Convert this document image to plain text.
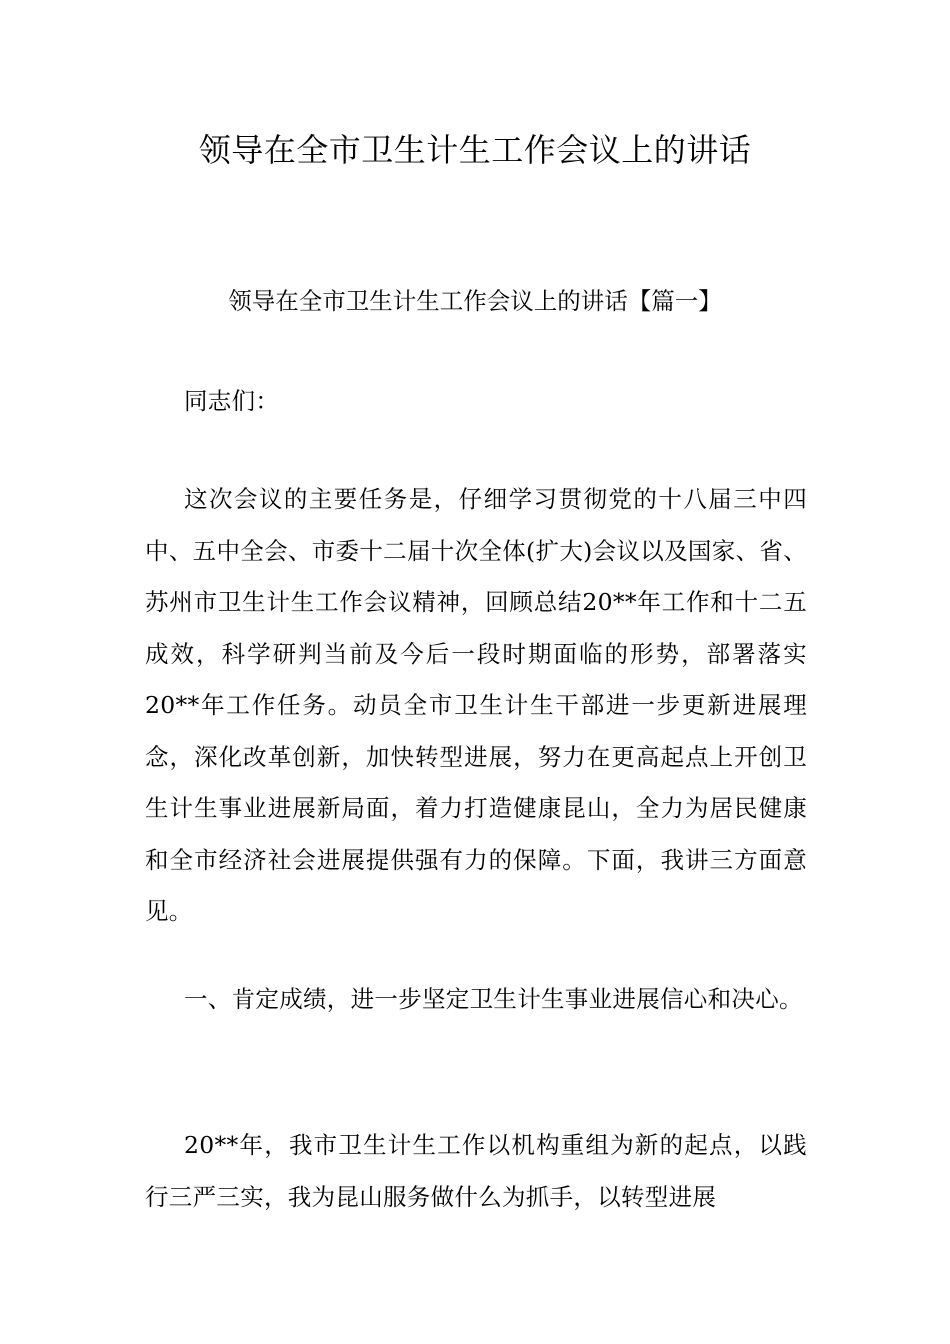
领导在全市卫生计生工作会议上的讲话

领导在全市卫生计生工作会议上的讲话【篇一】

同志们：

这次会议的主要任务是，仔细学习贯彻党的十八届三中四中、五中全会、市委十二届十次全体(扩大)会议以及国家、省、苏州市卫生计生工作会议精神，回顾总结20**年工作和十二五成效，科学研判当前及今后一段时期面临的形势，部署落实20**年工作任务。动员全市卫生计生干部进一步更新进展理念，深化改革创新，加快转型进展，努力在更高起点上开创卫生计生事业进展新局面，着力打造健康昆山，全力为居民健康和全市经济社会进展提供强有力的保障。下面，我讲三方面意见。

一、肯定成绩，进一步坚定卫生计生事业进展信心和决心。

20**年，我市卫生计生工作以机构重组为新的起点，以践行三严三实，我为昆山服务做什么为抓手，以转型进展
